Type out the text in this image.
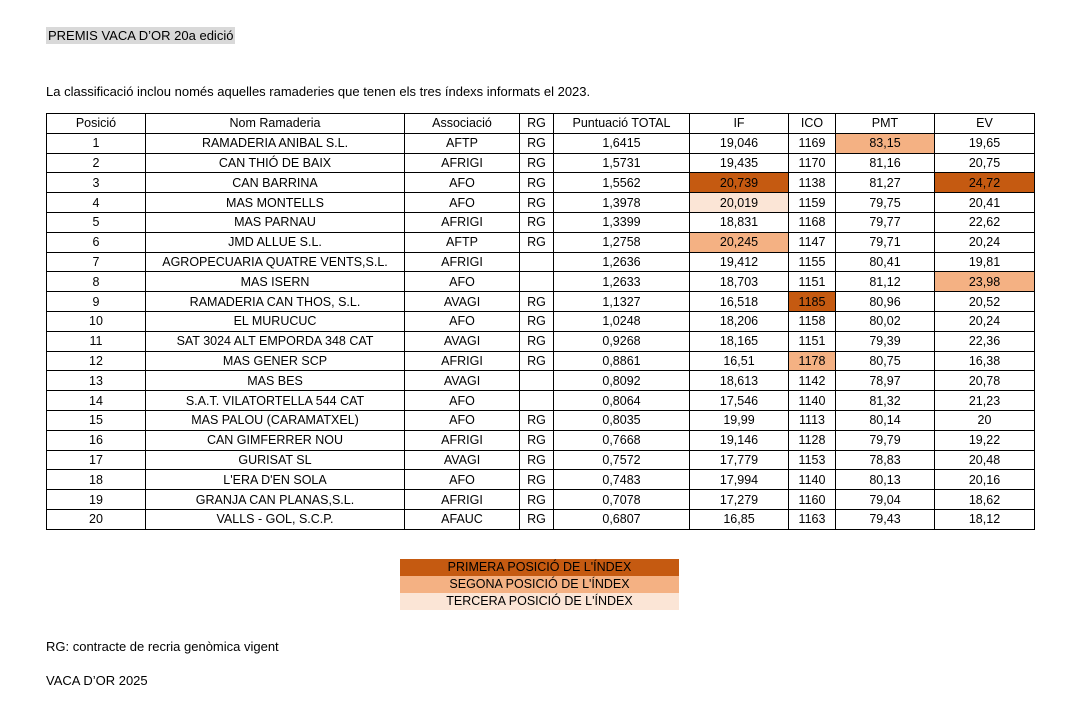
PREMIS VACA D’OR 20a edició
La classificació inclou només aquelles ramaderies que tenen els tres índexs informats el 2023.
Posició	Nom Ramaderia	Associació	RG	Puntuació TOTAL	IF	ICO	PMT	EV
1	RAMADERIA ANIBAL S.L.	AFTP	RG	1,6415	19,046	1169	83,15	19,65
2	CAN THIÓ DE BAIX	AFRIGI	RG	1,5731	19,435	1170	81,16	20,75
3	CAN BARRINA	AFO	RG	1,5562	20,739	1138	81,27	24,72
4	MAS MONTELLS	AFO	RG	1,3978	20,019	1159	79,75	20,41
5	MAS PARNAU	AFRIGI	RG	1,3399	18,831	1168	79,77	22,62
6	JMD ALLUE S.L.	AFTP	RG	1,2758	20,245	1147	79,71	20,24
7	AGROPECUARIA QUATRE VENTS,S.L.	AFRIGI		1,2636	19,412	1155	80,41	19,81
8	MAS ISERN	AFO		1,2633	18,703	1151	81,12	23,98
9	RAMADERIA CAN THOS, S.L.	AVAGI	RG	1,1327	16,518	1185	80,96	20,52
10	EL MURUCUC	AFO	RG	1,0248	18,206	1158	80,02	20,24
11	SAT 3024 ALT EMPORDA 348 CAT	AVAGI	RG	0,9268	18,165	1151	79,39	22,36
12	MAS GENER SCP	AFRIGI	RG	0,8861	16,51	1178	80,75	16,38
13	MAS BES	AVAGI		0,8092	18,613	1142	78,97	20,78
14	S.A.T. VILATORTELLA 544 CAT	AFO		0,8064	17,546	1140	81,32	21,23
15	MAS PALOU (CARAMATXEL)	AFO	RG	0,8035	19,99	1113	80,14	20
16	CAN GIMFERRER NOU	AFRIGI	RG	0,7668	19,146	1128	79,79	19,22
17	GURISAT SL	AVAGI	RG	0,7572	17,779	1153	78,83	20,48
18	L'ERA D'EN SOLA	AFO	RG	0,7483	17,994	1140	80,13	20,16
19	GRANJA CAN PLANAS,S.L.	AFRIGI	RG	0,7078	17,279	1160	79,04	18,62
20	VALLS - GOL, S.C.P.	AFAUC	RG	0,6807	16,85	1163	79,43	18,12
PRIMERA POSICIÓ DE L'ÍNDEX
SEGONA POSICIÓ DE L'ÍNDEX
TERCERA POSICIÓ DE L'ÍNDEX
RG: contracte de recria genòmica vigent
VACA D’OR 2025
